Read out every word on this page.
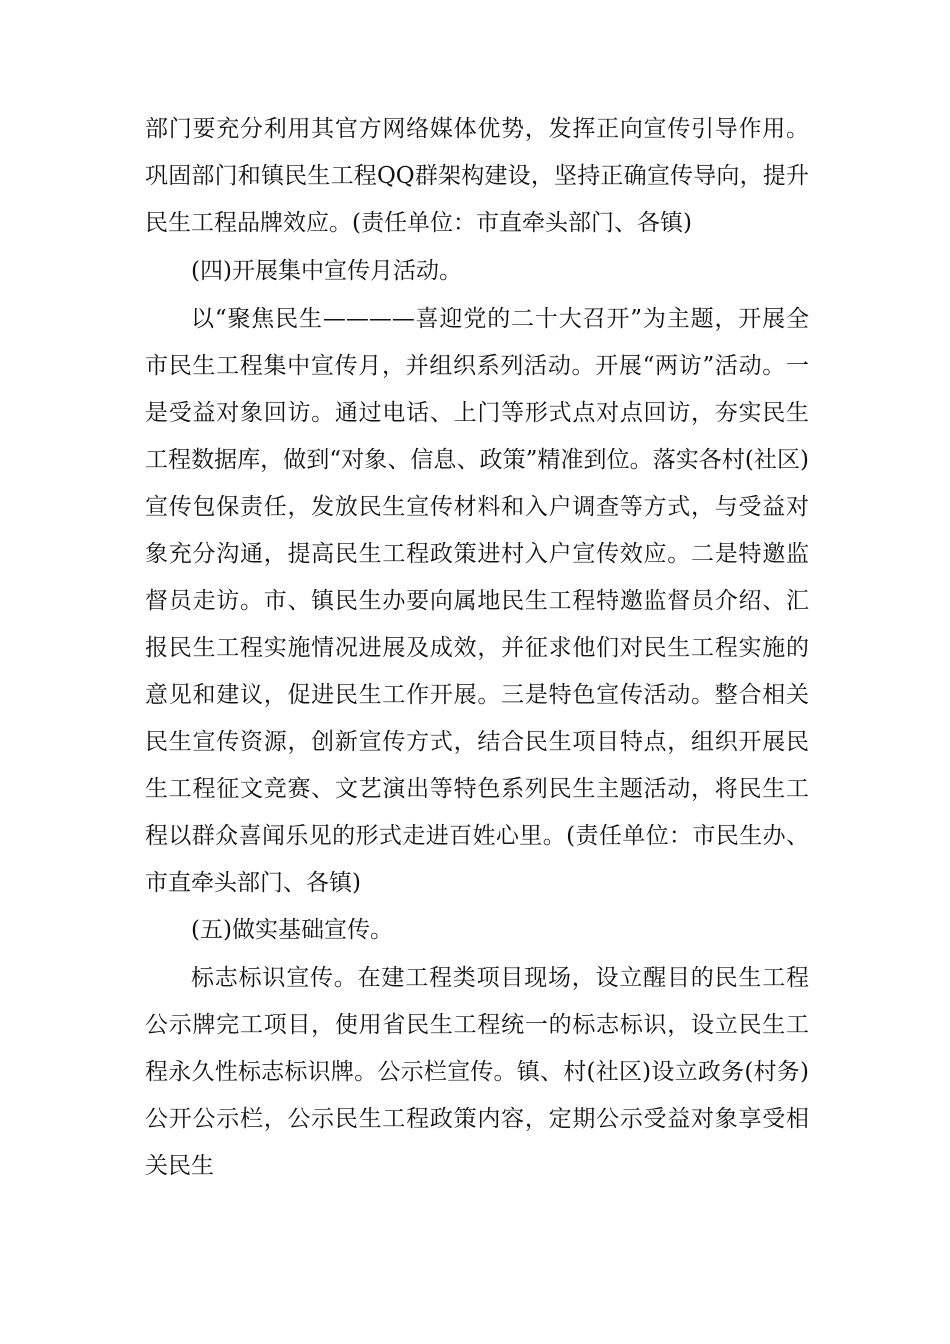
部门要充分利用其官方网络媒体优势，发挥正向宣传引导作用。巩固部门和镇民生工程QQ群架构建设，坚持正确宣传导向，提升民生工程品牌效应。(责任单位：市直牵头部门、各镇)

(四)开展集中宣传月活动。

以“聚焦民生————喜迎党的二十大召开”为主题，开展全市民生工程集中宣传月，并组织系列活动。开展“两访”活动。一是受益对象回访。通过电话、上门等形式点对点回访，夯实民生工程数据库，做到“对象、信息、政策”精准到位。落实各村(社区)宣传包保责任，发放民生宣传材料和入户调查等方式，与受益对象充分沟通，提高民生工程政策进村入户宣传效应。二是特邀监督员走访。市、镇民生办要向属地民生工程特邀监督员介绍、汇报民生工程实施情况进展及成效，并征求他们对民生工程实施的意见和建议，促进民生工作开展。三是特色宣传活动。整合相关民生宣传资源，创新宣传方式，结合民生项目特点，组织开展民生工程征文竞赛、文艺演出等特色系列民生主题活动，将民生工程以群众喜闻乐见的形式走进百姓心里。(责任单位：市民生办、市直牵头部门、各镇)

(五)做实基础宣传。

标志标识宣传。在建工程类项目现场，设立醒目的民生工程公示牌完工项目，使用省民生工程统一的标志标识，设立民生工程永久性标志标识牌。公示栏宣传。镇、村(社区)设立政务(村务)公开公示栏，公示民生工程政策内容，定期公示受益对象享受相关民生
